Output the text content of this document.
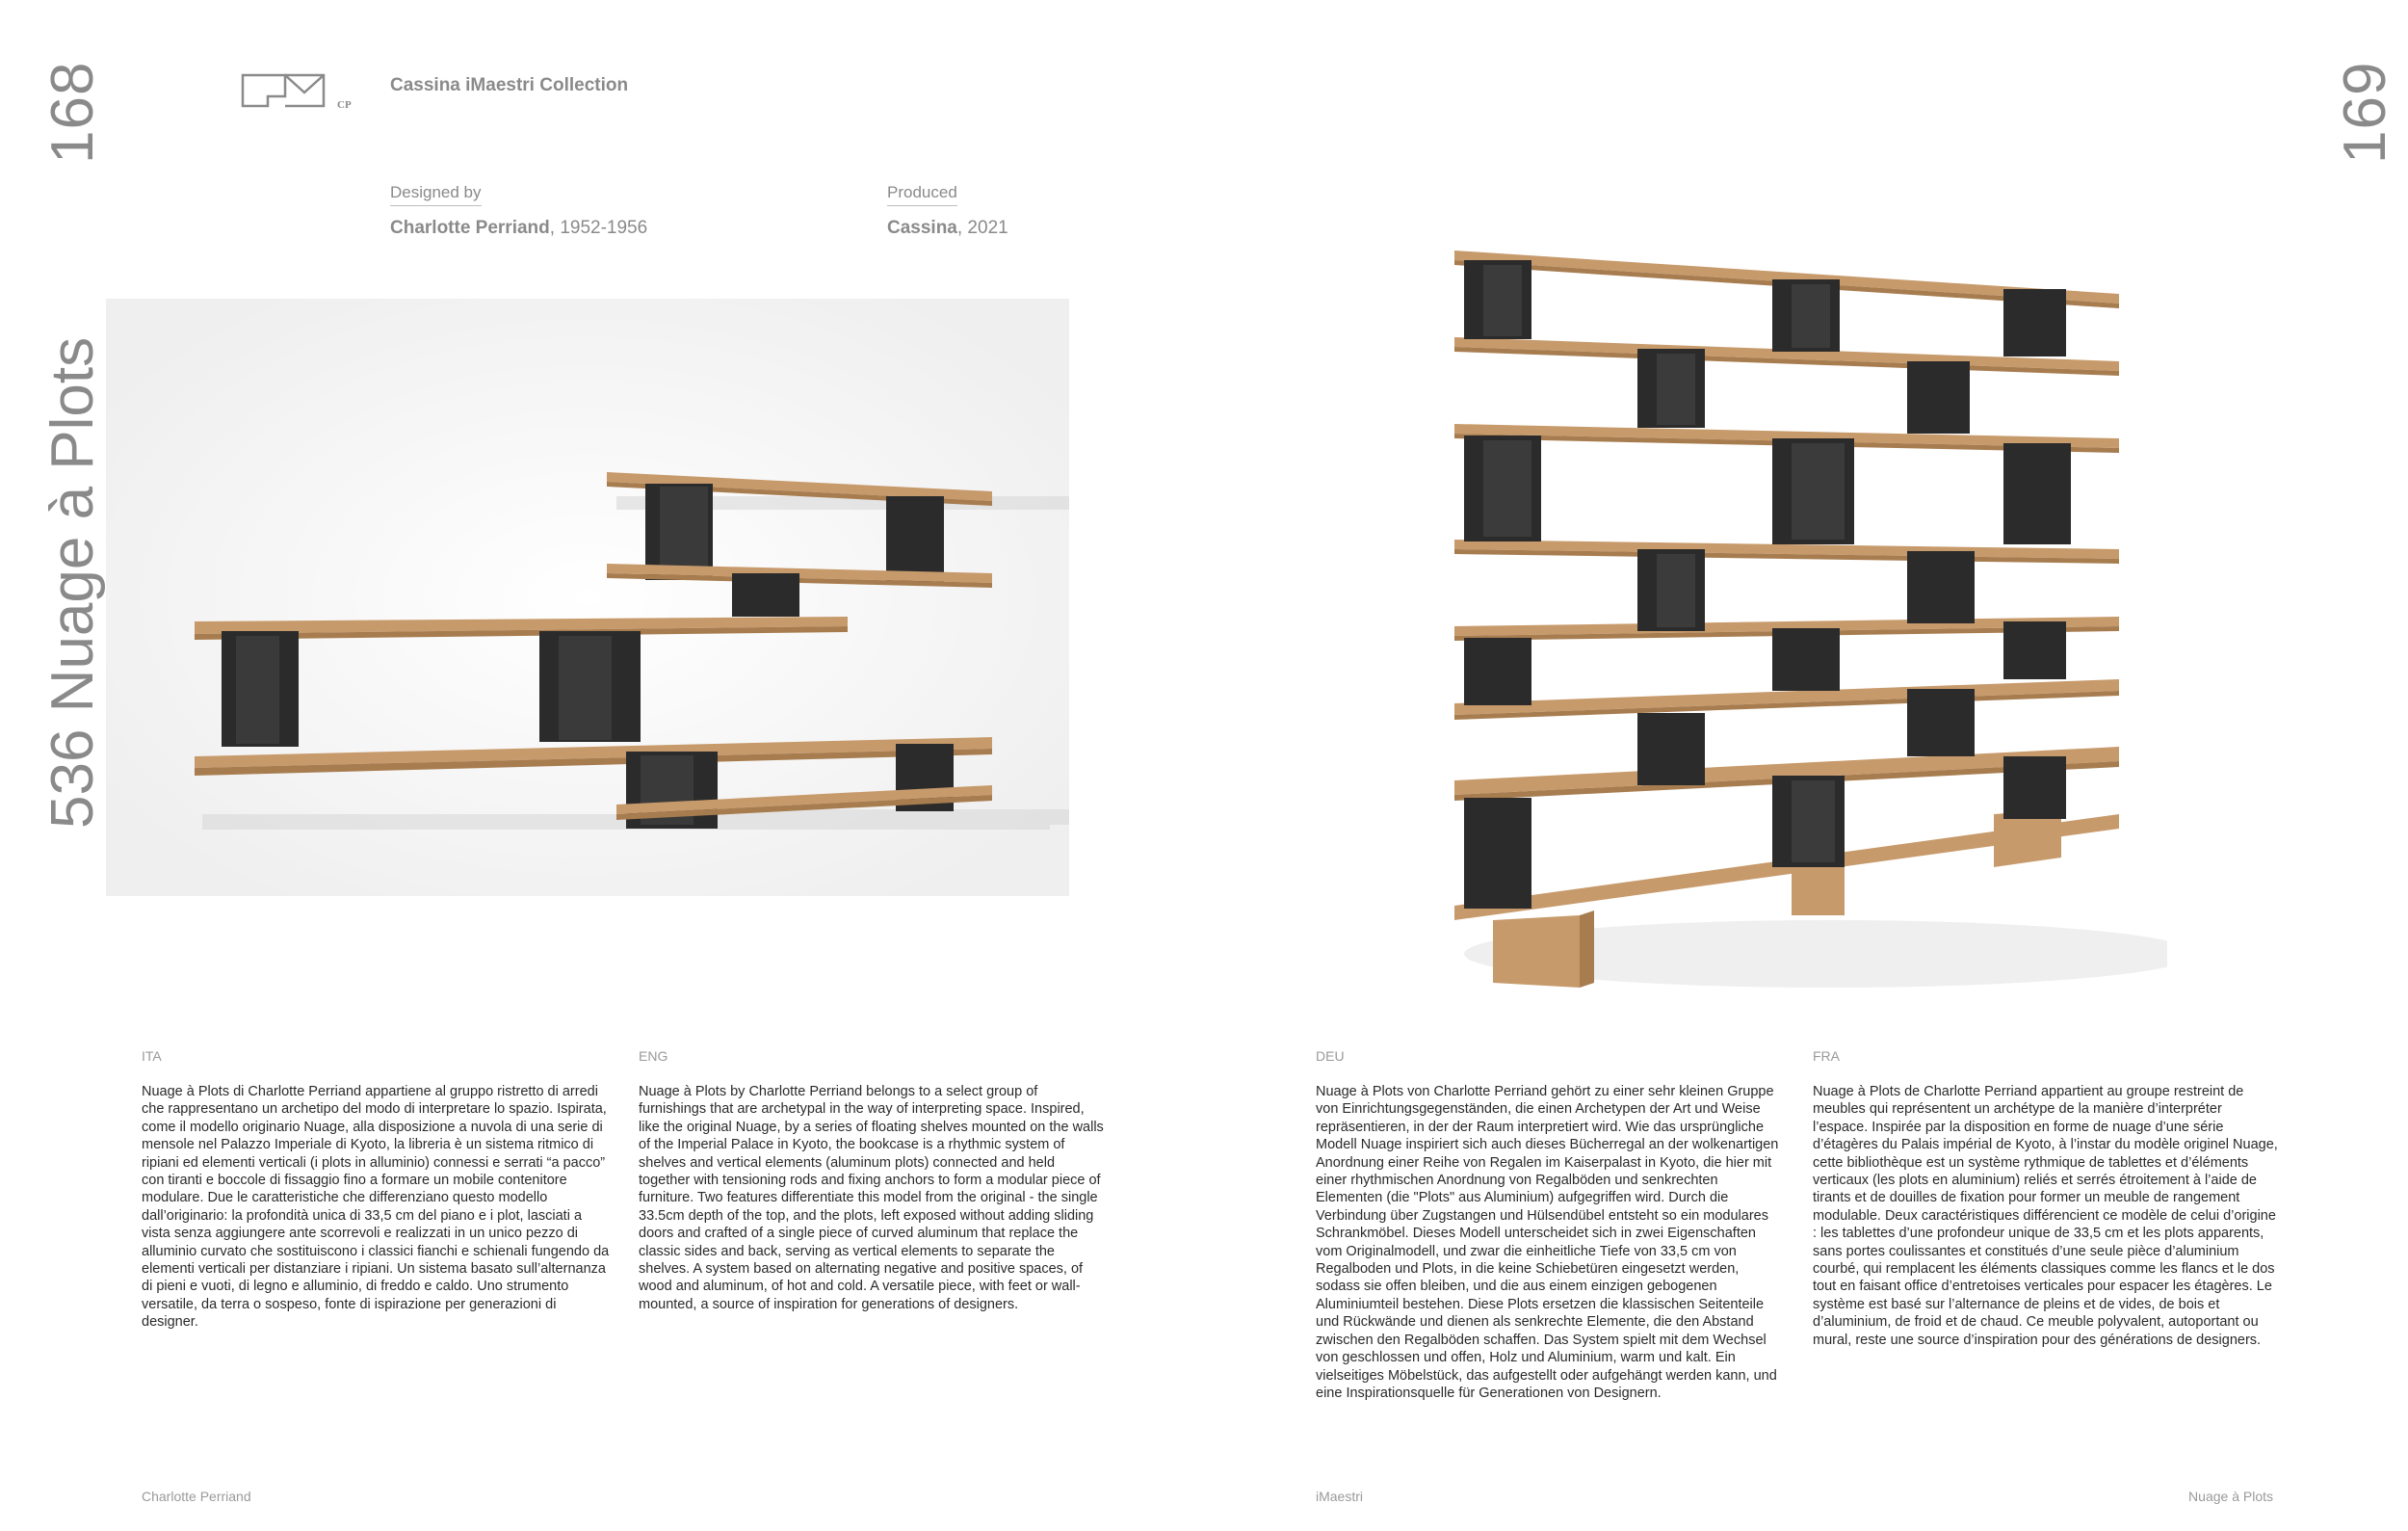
168	169
536 Nuage à Plots
CP
Cassina iMaestri Collection
Designed by
Charlotte Perriand, 1952-1956
Produced
Cassina, 2021
ITA
Nuage à Plots di Charlotte Perriand appartiene al gruppo ristretto di arredi che rappresentano un archetipo del modo di interpretare lo spazio. Ispirata, come il modello originario Nuage, alla disposizione a nuvola di una serie di mensole nel Palazzo Imperiale di Kyoto, la libreria è un sistema ritmico di ripiani ed elementi verticali (i plots in alluminio) connessi e serrati “a pacco” con tiranti e boccole di fissaggio fino a formare un mobile contenitore modulare. Due le caratteristiche che differenziano questo modello dall’originario: la profondità unica di 33,5 cm del piano e i plot, lasciati a vista senza aggiungere ante scorrevoli e realizzati in un unico pezzo di alluminio curvato che sostituiscono i classici fianchi e schienali fungendo da elementi verticali per distanziare i ripiani. Un sistema basato sull’alternanza di pieni e vuoti, di legno e alluminio, di freddo e caldo. Uno strumento versatile, da terra o sospeso, fonte di ispirazione per generazioni di designer.
ENG
Nuage à Plots by Charlotte Perriand belongs to a select group of furnishings that are archetypal in the way of interpreting space. Inspired, like the original Nuage, by a series of floating shelves mounted on the walls of the Imperial Palace in Kyoto, the bookcase is a rhythmic system of shelves and vertical elements (aluminum plots) connected and held together with tensioning rods and fixing anchors to form a modular piece of furniture. Two features differentiate this model from the original - the single 33.5cm depth of the top, and the plots, left exposed without adding sliding doors and crafted of a single piece of curved aluminum that replace the classic sides and back, serving as vertical elements to separate the shelves. A system based on alternating negative and positive spaces, of wood and aluminum, of hot and cold. A versatile piece, with feet or wall-mounted, a source of inspiration for generations of designers.
DEU
Nuage à Plots von Charlotte Perriand gehört zu einer sehr kleinen Gruppe von Einrichtungsgegenständen, die einen Archetypen der Art und Weise repräsentieren, in der der Raum interpretiert wird. Wie das ursprüngliche Modell Nuage inspiriert sich auch dieses Bücherregal an der wolkenartigen Anordnung einer Reihe von Regalen im Kaiserpalast in Kyoto, die hier mit einer rhythmischen Anordnung von Regalböden und senkrechten Elementen (die "Plots" aus Aluminium) aufgegriffen wird. Durch die Verbindung über Zugstangen und Hülsendübel entsteht so ein modulares Schrankmöbel. Dieses Modell unterscheidet sich in zwei Eigenschaften vom Originalmodell, und zwar die einheitliche Tiefe von 33,5 cm von Regalboden und Plots, in die keine Schiebetüren eingesetzt werden, sodass sie offen bleiben, und die aus einem einzigen gebogenen Aluminiumteil bestehen. Diese Plots ersetzen die klassischen Seitenteile und Rückwände und dienen als senkrechte Elemente, die den Abstand zwischen den Regalböden schaffen. Das System spielt mit dem Wechsel von geschlossen und offen, Holz und Aluminium, warm und kalt. Ein vielseitiges Möbelstück, das aufgestellt oder aufgehängt werden kann, und eine Inspirationsquelle für Generationen von Designern.
FRA
Nuage à Plots de Charlotte Perriand appartient au groupe restreint de meubles qui représentent un archétype de la manière d’interpréter l’espace. Inspirée par la disposition en forme de nuage d’une série d’étagères du Palais impérial de Kyoto, à l’instar du modèle originel Nuage, cette bibliothèque est un système rythmique de tablettes et d’éléments verticaux (les plots en aluminium) reliés et serrés étroitement à l’aide de tirants et de douilles de fixation pour former un meuble de rangement modulable. Deux caractéristiques différencient ce modèle de celui d’origine : les tablettes d’une profondeur unique de 33,5 cm et les plots apparents, sans portes coulissantes et constitués d’une seule pièce d’aluminium courbé, qui remplacent les éléments classiques comme les flancs et le dos tout en faisant office d’entretoises verticales pour espacer les étagères. Le système est basé sur l’alternance de pleins et de vides, de bois et d’aluminium, de froid et de chaud. Ce meuble polyvalent, autoportant ou mural, reste une source d’inspiration pour des générations de designers.
Charlotte Perriand	iMaestri	Nuage à Plots
